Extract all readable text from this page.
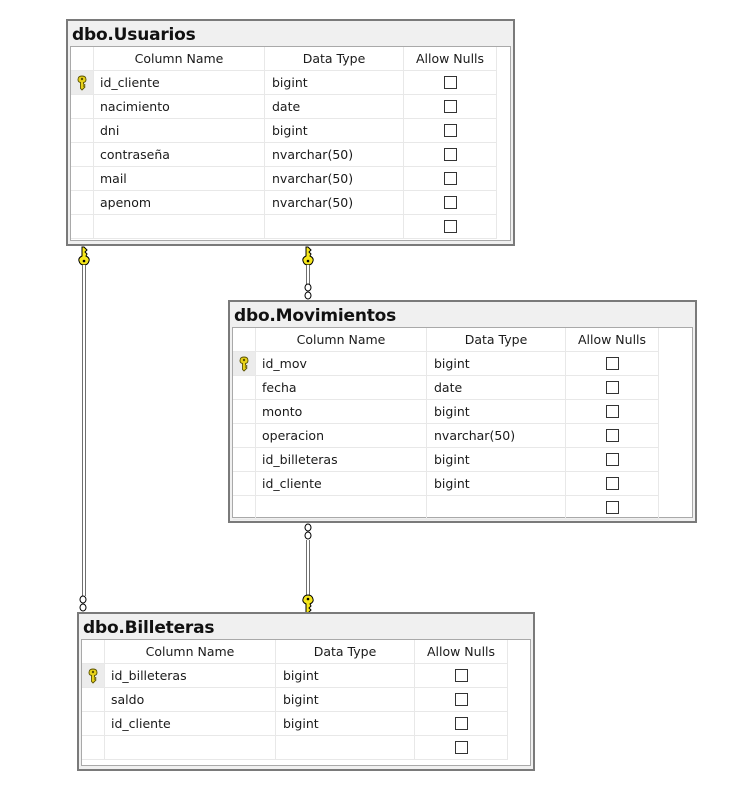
dbo.Usuarios
Column Name	Data Type	Allow Nulls
id_cliente	bigint
nacimiento	date
dni	bigint
contraseña	nvarchar(50)
mail	nvarchar(50)
apenom	nvarchar(50)
dbo.Movimientos
Column Name	Data Type	Allow Nulls
id_mov	bigint
fecha	date
monto	bigint
operacion	nvarchar(50)
id_billeteras	bigint
id_cliente	bigint
dbo.Billeteras
Column Name	Data Type	Allow Nulls
id_billeteras	bigint
saldo	bigint
id_cliente	bigint
